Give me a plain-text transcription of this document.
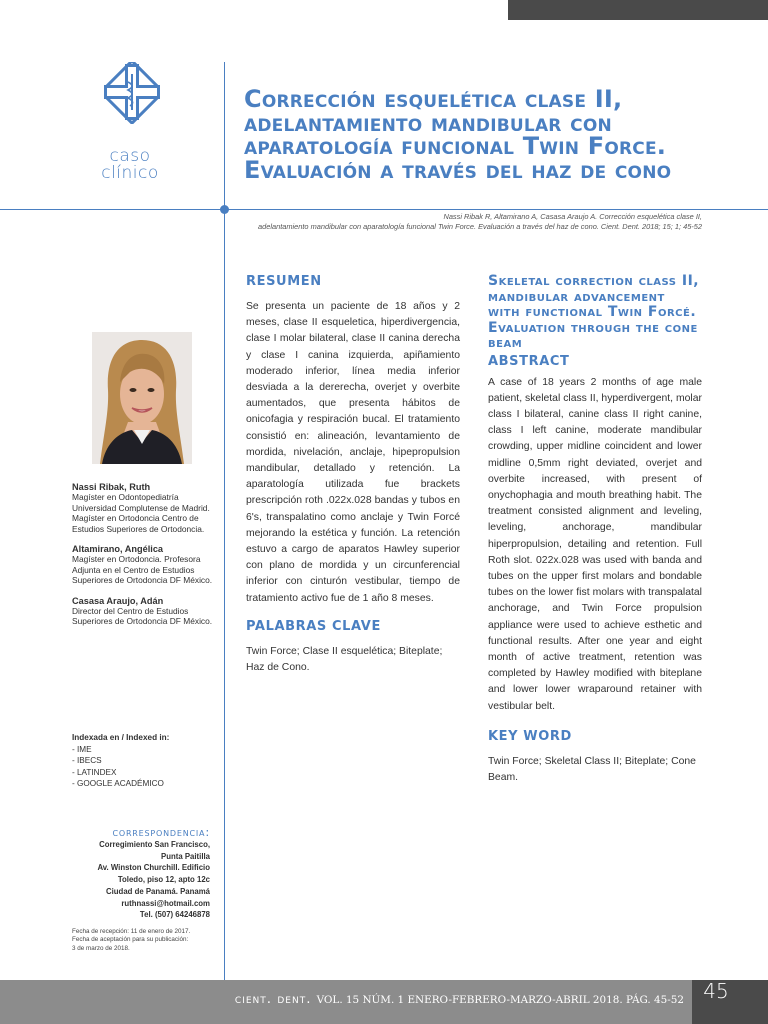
caso
clínico
Corrección esquelética clase II, adelantamiento mandibular con aparatología funcional Twin Force. Evaluación a través del haz de cono
Nassi Ribak R, Altamirano A, Casasa Araujo A. Corrección esquelética clase II,
adelantamiento mandibular con aparatología funcional Twin Force. Evaluación a través del haz de cono. Cient. Dent. 2018; 15; 1; 45-52
Nassi Ribak, Ruth
Magíster en Odontopediatría Universidad Complutense de Madrid. Magíster en Ortodoncia Centro de Estudios Superiores de Ortodoncia.
Altamirano, Angélica
Magíster en Ortodoncia. Profesora Adjunta en el Centro de Estudios Superiores de Ortodoncia DF México.
Casasa Araujo, Adán
Director del Centro de Estudios Superiores de Ortodoncia DF México.
Indexada en / Indexed in:
- IME
- IBECS
- LATINDEX
- GOOGLE ACADÉMICO
correspondencia:
Corregimiento San Francisco,
Punta Paitilla
Av. Winston Churchill. Edificio
Toledo, piso 12, apto 12c
Ciudad de Panamá. Panamá
ruthnassi@hotmail.com
Tel. (507) 64246878
Fecha de recepción: 11 de enero de 2017.
Fecha de aceptación para su publicación:
3 de marzo de 2018.
RESUMEN

Se presenta un paciente de 18 años y 2 meses, clase II esqueletica, hiperdivergencia, clase I molar bilateral, clase II canina derecha y clase I canina izquierda, apiñamiento moderado inferior, línea media inferior desviada a la dererecha, overjet y overbite aumentados, que presenta hábitos de onicofagia y respiración bucal. El tratamiento consistió en: alineación, levantamiento de mordida, nivelación, anclaje, hipepropulsion mandibular, detallado y retención. La aparatología utilizada fue brackets prescripción roth .022x.028 bandas y tubos en 6's, transpalatino como anclaje y Twin Forcé mejorando la estética y función. La retención estuvo a cargo de aparatos Hawley superior con plano de mordida y un circunferencial inferior con cinturón vestibular, tiempo de tratamiento activo fue de 1 año 8 meses.

PALABRAS CLAVE

Twin Force; Clase II esquelética; Biteplate; Haz de Cono.

Skeletal correction class II, mandibular advancement with functional Twin Forcé. Evaluation through the cone beam
ABSTRACT

A case of 18 years 2 months of age male patient, skeletal class II, hyperdivergent, molar class I bilateral, canine class II right canine, class I left canine, moderate mandibular crowding, upper midline coincident and lower midline 0,5mm right deviated, overjet and overbite increased, with present of onychophagia and mouth breathing habit. The treatment consisted alignment and leveling, leveling, anchorage, mandibular hiperpropulsion, detailing and retention. Full Roth slot. 022x.028 was used with banda and tubes on the upper first molars and bondable tubes on the lower fist molars with transpalatal anchorage, and Twin Force propulsion appliance were used to achieve esthetic and functional results. After one year and eight month of active treatment, retention was completed by Hawley modified with biteplane and lower lower wraparound retainer with vestibular belt.

KEY WORD

Twin Force; Skeletal Class II; Biteplate; Cone Beam.

cient. dent. VOL. 15 NÚM. 1 ENERO-FEBRERO-MARZO-ABRIL 2018. PÁG. 45-52 45
